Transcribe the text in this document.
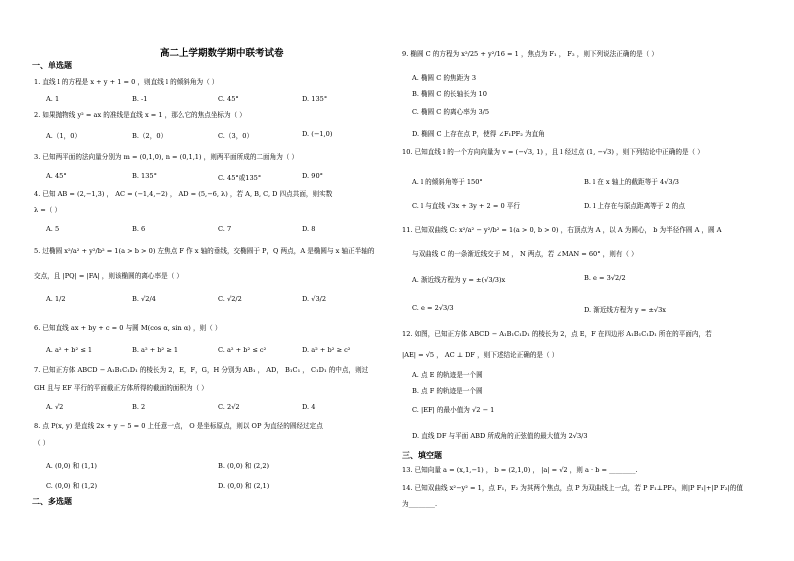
高二上学期数学期中联考试卷
一、单选题
1. 直线 l 的方程是 x + y + 1 = 0 ，则直线 l 的倾斜角为（ ）
A. 1	B. -1	C. 45°	D. 135°
2. 如果抛物线 y² = ax 的准线是直线 x = 1 ，那么它的焦点坐标为（ ）
A.（1，0）	B.（2，0）	C.（3，0）	D. (−1,0)
3. 已知两平面的法向量分别为 m = (0,1,0), n = (0,1,1) ，则两平面所成的二面角为（ ）
A. 45°	B. 135°	C. 45°或135°	D. 90°
4. 已知 AB = (2,−1,3) ， AC = (−1,4,−2) ， AD = (5,−6, λ) ，若 A, B, C, D 四点共面，则实数
λ =（ ）
A. 5	B. 6	C. 7	D. 8
5. 过椭圆 x²/a² + y²/b² = 1(a > b > 0) 左焦点 F 作 x 轴的垂线，交椭圆于 P，Q 两点，A 是椭圆与 x 轴正半轴的
交点，且 |PQ| = |FA| ，则该椭圆的离心率是（ ）
A. 1/2	B. √2/4	C. √2/2	D. √3/2
6. 已知直线 ax + by + c = 0 与圆 M(cos α, sin α) ，则（ ）
A. a² + b² ≤ 1	B. a² + b² ≥ 1	C. a² + b² ≤ c²	D. a² + b² ≥ c²
7. 已知正方体 ABCD − A₁B₁C₁D₁ 的棱长为 2，E，F，G，H 分别为 AB₁ ， AD， B₁C₁ ， C₁D₁ 的中点，则过
GH 且与 EF 平行的平面截正方体所得的截面的面积为（ ）
A. √2	B. 2	C. 2√2	D. 4
8. 点 P(x, y) 是直线 2x + y − 5 = 0 上任意一点， O 是坐标原点，则以 OP 为直径的圆经过定点
（ ）
A. (0,0) 和 (1,1)	B. (0,0) 和 (2,2)
C. (0,0) 和 (1,2)	D. (0,0) 和 (2,1)
二、多选题
9. 椭圆 C 的方程为 x²/25 + y²/16 = 1 ，焦点为 F₁ ， F₂ ，则下列说法正确的是（ ）
A. 椭圆 C 的焦距为 3
B. 椭圆 C 的长轴长为 10
C. 椭圆 C 的离心率为 3/5
D. 椭圆 C 上存在点 P，使得 ∠F₁PF₂ 为直角
10. 已知直线 l 的一个方向向量为 v = (−√3, 1) ，且 l 经过点 (1, −√3) ，则下列结论中正确的是（ ）
A. l 的倾斜角等于 150°	B. l 在 x 轴上的截距等于 4√3/3
C. l 与直线 √3x + 3y + 2 = 0 平行	D. l 上存在与原点距离等于 2 的点
11. 已知双曲线 C: x²/a² − y²/b² = 1(a > 0, b > 0) ，右顶点为 A ，以 A 为圆心， b 为半径作圆 A ，圆 A
与双曲线 C 的一条渐近线交于 M ， N 两点，若 ∠MAN = 60° ，则有（ ）
A. 渐近线方程为 y = ±(√3/3)x	B. e = 3√2/2
C. e = 2√3/3	D. 渐近线方程为 y = ±√3x
12. 如图，已知正方体 ABCD − A₁B₁C₁D₁ 的棱长为 2，点 E，F 在四边形 A₁B₁C₁D₁ 所在的平面内，若
|AE| = √5 ， AC ⊥ DF ，则下述结论正确的是（ ）
A. 点 E 的轨迹是一个圆
B. 点 F 的轨迹是一个圆
C. |EF| 的最小值为 √2 − 1
D. 直线 DF 与平面 ABD 所成角的正弦值的最大值为 2√3/3
三、填空题
13. 已知向量 a = (x,1,−1) ， b = (2,1,0) ， |a| = √2 ，则 a · b = ________.
14. 已知双曲线 x²−y² = 1，点 F₁，F₂ 为其两个焦点，点 P 为双曲线上一点，若 P F₁⊥PF₂，则|P F₁|+|P F₂|的值
为________.
